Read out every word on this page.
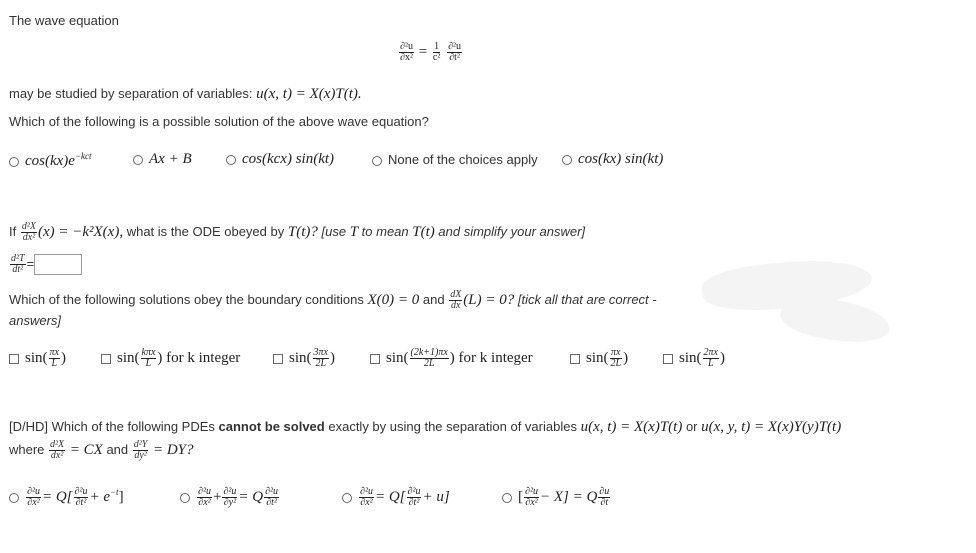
The wave equation
$\frac{\text{∂²u}}{\text{∂x²}} = \frac{1}{\text{c²}}$
$\frac{\text{∂²u}}{\text{∂t²}}$
may be studied by separation of variables: u(x, t) = X(x)T(t).
Which of the following is a possible solution of the above wave equation?
$\cos(kx)e^{-kct}$	Ax + B	cos(kcx) sin(kt)	None of the choices apply	cos(kx) sin(kt)
If $\frac{\text{d²X}}{\text{dx²}} (x) = -k^2X(x)$, what is the ODE obeyed by T(t)? [use T to mean T(t) and simplify your answer]
$\frac{\text{d²T}}{\text{dt²}}$ =
Which of the following solutions obey the boundary conditions X(0) = 0 and $\frac{dX}{dx} (L) = 0$? [tick all that are correct -
answers]
$\sin( \frac{\pi x}{L}$ )	$\sin( \frac{\text{kπx}}{L}$ ) for k integer	$\sin( \frac{3\pi x}{2L}$ )	$\sin( \frac{(2k+1)\pi x}{2L}$ ) for k integer	$\sin( \frac{\pi x}{2L}$ )	$\sin( \frac{2\pi x}{L}$ )
[D/HD] Which of the following PDEs cannot be solved exactly by using the separation of variables u(x, t) = X(x)T(t) or u(x, y, t) = X(x)Y(y)T(t)
where $\frac{\text{d²X}}{\text{dx²}}$ = CX and $\frac{\text{d²Y}}{\text{dy²}}$ = DY?
$\frac{\text{∂²u}}{\text{∂x²}} = Q[ \frac{\text{∂²u}}{\text{∂t²}} + e^{-t}]$	$\frac{\text{∂²u}}{\text{∂x²}} + \frac{\text{∂²u}}{\text{∂y²}} = Q \frac{\text{∂²u}}{\text{∂t²}}$	$\frac{\text{∂²u}}{\text{∂x²}} = Q[ \frac{\text{∂²u}}{\text{∂t²}} + u]$	[ $\frac{\text{∂²u}}{\text{∂x²}} - X] = Q \frac{\partial u}{\partial t}$
